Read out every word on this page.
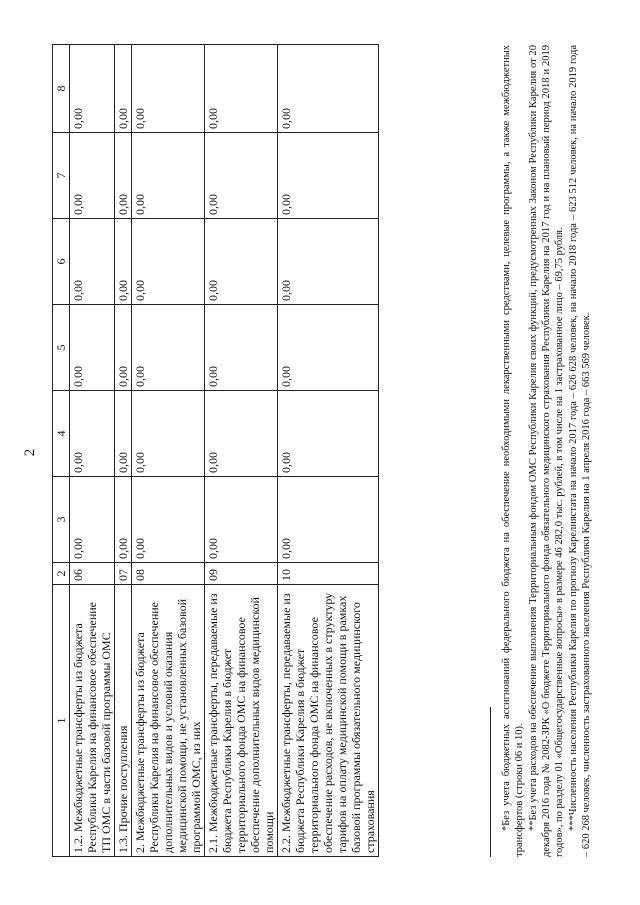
2
1	2	3	4	5	6	7	8
1.2. Межбюджетные трансферты из бюджета Республики Карелия на финансовое обеспечение ТП ОМС в части базовой программы ОМС	06	0,00	0,00	0,00	0,00	0,00	0,00
1.3. Прочие поступления	07	0,00	0,00	0,00	0,00	0,00	0,00
2. Межбюджетные трансферты из бюджета Республики Карелия на финансовое обеспечение дополнительных видов и условий оказания медицинской помощи, не установленных базовой программой ОМС, из них	08	0,00	0,00	0,00	0,00	0,00	0,00
2.1. Межбюджетные трансферты, передаваемые из бюджета Республики Карелия в бюджет территориального фонда ОМС на финансовое обеспечение дополнительных видов медицинской помощи	09	0,00	0,00	0,00	0,00	0,00	0,00
2.2. Межбюджетные трансферты, передаваемые из бюджета Республики Карелия в бюджет территориального фонда ОМС на финансовое обеспечение расходов, не включенных в структуру тарифов на оплату медицинской помощи в рамках базовой программы обязательного медицинского страхования	10	0,00	0,00	0,00	0,00	0,00	0,00	*Без учета бюджетных ассигнований федерального бюджета на обеспечение необходимыми лекарственными средствами, целевые программы, а также межбюджетных трансфертов (строки 06 и 10). **Без учета расходов на обеспечение выполнения Территориальным фондом ОМС Республики Карелия своих функций, предусмотренных Законом Республики Карелия от 20 декабря 2016 года № 2082-ЗРК «О бюджете Территориального фонда обязательного медицинского страхования Республики Карелия на 2017 год и на плановый период 2018 и 2019 годов», по разделу 01 «Общегосударственные вопросы» в размере 46 282,0 тыс. рублей, в том числе на 1 застрахованное лицо – 69,75 рубля. ***Численность населения Республики Карелия по прогнозу Карелиястата на начало 2017 года – 626 628 человек, на начало 2018 года – 623 512 человек, на начало 2019 года – 620 268 человек, численность застрахованного населения Республики Карелия на 1 апреля 2016 года – 663 569 человек.
